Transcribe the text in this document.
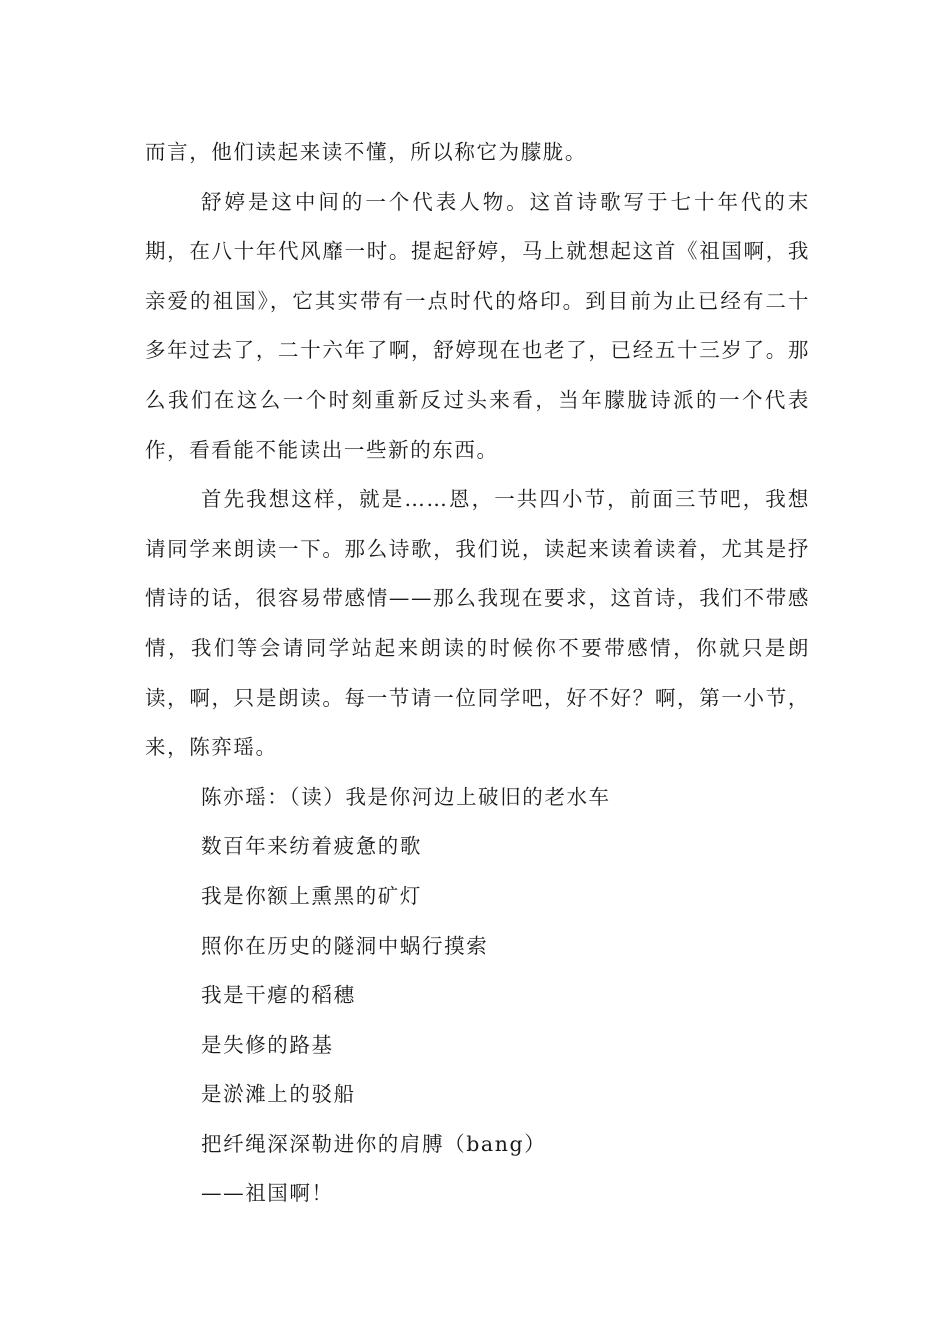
而言，他们读起来读不懂，所以称它为朦胧。

舒婷是这中间的一个代表人物。这首诗歌写于七十年代的末期，在八十年代风靡一时。提起舒婷，马上就想起这首《祖国啊，我亲爱的祖国》，它其实带有一点时代的烙印。到目前为止已经有二十多年过去了，二十六年了啊，舒婷现在也老了，已经五十三岁了。那么我们在这么一个时刻重新反过头来看，当年朦胧诗派的一个代表作，看看能不能读出一些新的东西。

首先我想这样，就是……恩，一共四小节，前面三节吧，我想请同学来朗读一下。那么诗歌，我们说，读起来读着读着，尤其是抒情诗的话，很容易带感情——那么我现在要求，这首诗，我们不带感情，我们等会请同学站起来朗读的时候你不要带感情，你就只是朗读，啊，只是朗读。每一节请一位同学吧，好不好？啊，第一小节，来，陈弈瑶。

陈亦瑶：（读）我是你河边上破旧的老水车
数百年来纺着疲惫的歌
我是你额上熏黑的矿灯
照你在历史的隧洞中蜗行摸索
我是干瘪的稻穗
是失修的路基
是淤滩上的驳船
把纤绳深深勒进你的肩膊（bang）
——祖国啊！
